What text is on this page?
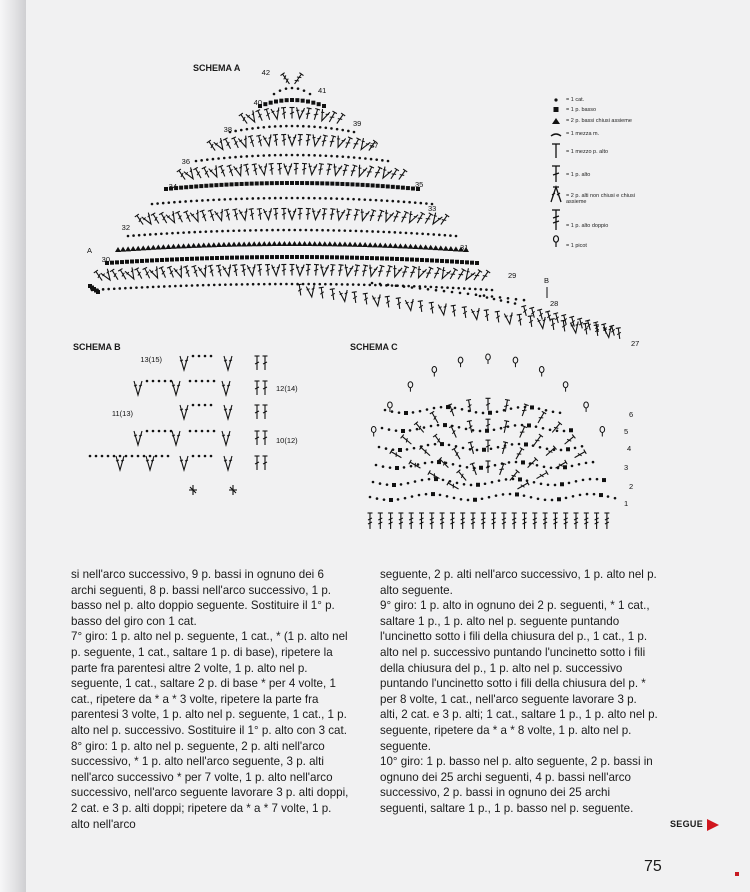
SCHEMA A	42
41
40
39
38
37
36
35
34
33
32
31
30
29
28
27
A
B
SCHEMA B
13(15)
12(14)
11(13)
10(12)
SCHEMA C
6
5
3
2
1
4
= 1 cat.
= 1 p. basso
= 2 p. bassi chiusi assieme
= 1 mezza m.
= 1 mezzo p. alto
= 1 p. alto
= 2 p. alti non chiusi e chiusi assieme
= 1 p. alto doppio
= 1 picot

si nell'arco successivo, 9 p. bassi in ognuno dei 6 archi seguenti, 8 p. bassi nell'arco successivo, 1 p. basso nel p. alto doppio seguente. Sostituire il 1° p. basso del giro con 1 cat.

7° giro: 1 p. alto nel p. seguente, 1 cat., * (1 p. alto nel p. seguente, 1 cat., saltare 1 p. di base), ripetere la parte fra parentesi altre 2 volte, 1 p. alto nel p. seguente, 1 cat., saltare 2 p. di base * per 4 volte, 1 cat., ripetere da * a * 3 volte, ripetere la parte fra parentesi 3 volte, 1 p. alto nel p. seguente, 1 cat., 1 p. alto nel p. successivo. Sostituire il 1° p. alto con 3 cat.

8° giro: 1 p. alto nel p. seguente, 2 p. alti nell'arco successivo, * 1 p. alto nell'arco seguente, 3 p. alti nell'arco successivo * per 7 volte, 1 p. alto nell'arco successivo, nell'arco seguente lavorare 3 p. alti doppi, 2 cat. e 3 p. alti doppi; ripetere da * a * 7 volte, 1 p. alto nell'arco

seguente, 2 p. alti nell'arco successivo, 1 p. alto nel p. alto seguente.

9° giro: 1 p. alto in ognuno dei 2 p. seguenti, * 1 cat., saltare 1 p., 1 p. alto nel p. seguente puntando l'uncinetto sotto i fili della chiusura del p., 1 cat., 1 p. alto nel p. successivo puntando l'uncinetto sotto i fili della chiusura del p., 1 p. alto nel p. successivo puntando l'uncinetto sotto i fili della chiusura del p. * per 8 volte, 1 cat., nell'arco seguente lavorare 3 p. alti, 2 cat. e 3 p. alti; 1 cat., saltare 1 p., 1 p. alto nel p. seguente, ripetere da * a * 8 volte, 1 p. alto nel p. seguente.

10° giro: 1 p. basso nel p. alto seguente, 2 p. bassi in ognuno dei 25 archi seguenti, 4 p. bassi nell'arco successivo, 2 p. bassi in ognuno dei 25 archi seguenti, saltare 1 p., 1 p. basso nel p. seguente.

SEGUE
75
